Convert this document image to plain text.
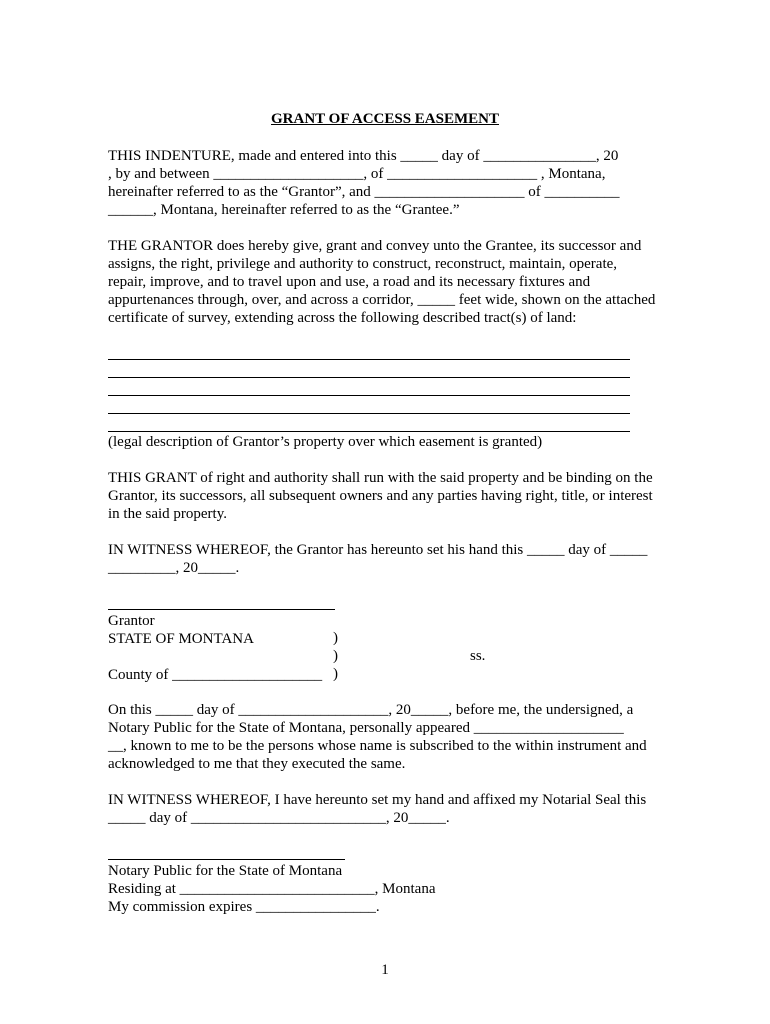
GRANT OF ACCESS EASEMENT
THIS INDENTURE, made and entered into this _____ day of _______________, 20
, by and between ____________________, of ____________________ , Montana,
hereinafter referred to as the “Grantor”, and ____________________ of __________
______, Montana, hereinafter referred to as the “Grantee.”
THE GRANTOR does hereby give, grant and convey unto the Grantee, its successor and
assigns, the right, privilege and authority to construct, reconstruct, maintain, operate,
repair, improve, and to travel upon and use, a road and its necessary fixtures and
appurtenances through, over, and across a corridor, _____ feet wide, shown on the attached
certificate of survey, extending across the following described tract(s) of land:
(legal description of Grantor’s property over which easement is granted)
THIS GRANT of right and authority shall run with the said property and be binding on the
Grantor, its successors, all subsequent owners and any parties having right, title, or interest
in the said property.
IN WITNESS WHEREOF, the Grantor has hereunto set his hand this _____ day of _____
_________, 20_____.
Grantor
STATE OF MONTANA
County of ____________________
)
)
)
ss.
On this _____ day of ____________________, 20_____, before me, the undersigned, a
Notary Public for the State of Montana, personally appeared ____________________
__, known to me to be the persons whose name is subscribed to the within instrument and
acknowledged to me that they executed the same.
IN WITNESS WHEREOF, I have hereunto set my hand and affixed my Notarial Seal this
_____ day of __________________________, 20_____.
Notary Public for the State of Montana
Residing at __________________________, Montana
My commission expires ________________.
1
